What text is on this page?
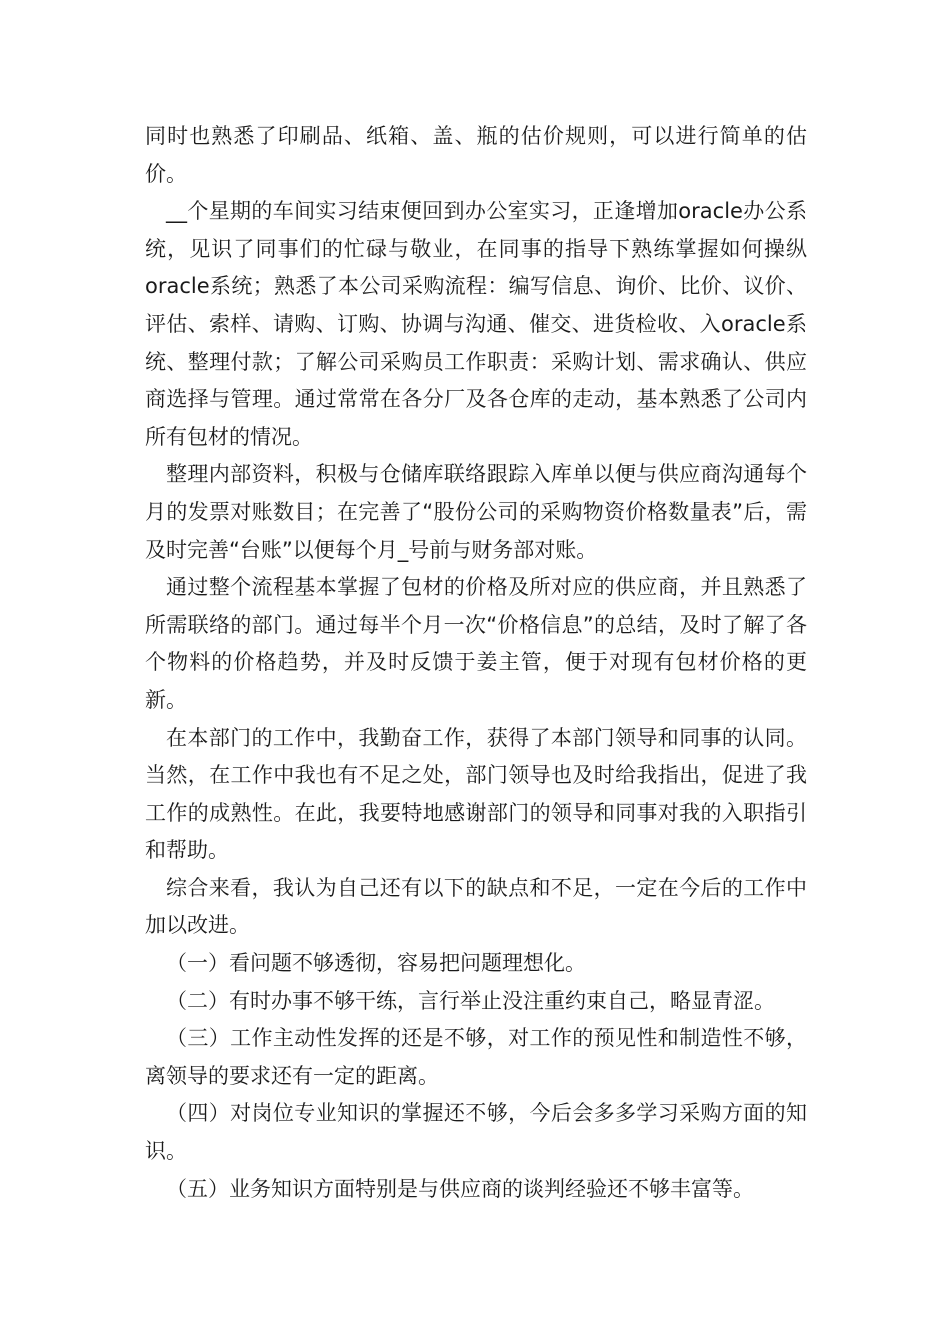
同时也熟悉了印刷品、纸箱、盖、瓶的估价规则，可以进行简单的估价。

__个星期的车间实习结束便回到办公室实习，正逢增加oracle办公系统，见识了同事们的忙碌与敬业，在同事的指导下熟练掌握如何操纵oracle系统；熟悉了本公司采购流程：编写信息、询价、比价、议价、评估、索样、请购、订购、协调与沟通、催交、进货检收、入oracle系统、整理付款；了解公司采购员工作职责：采购计划、需求确认、供应商选择与管理。通过常常在各分厂及各仓库的走动，基本熟悉了公司内所有包材的情况。

整理内部资料，积极与仓储库联络跟踪入库单以便与供应商沟通每个月的发票对账数目；在完善了“股份公司的采购物资价格数量表”后，需及时完善“台账”以便每个月_号前与财务部对账。

通过整个流程基本掌握了包材的价格及所对应的供应商，并且熟悉了所需联络的部门。通过每半个月一次“价格信息”的总结，及时了解了各个物料的价格趋势，并及时反馈于姜主管，便于对现有包材价格的更新。

在本部门的工作中，我勤奋工作，获得了本部门领导和同事的认同。当然，在工作中我也有不足之处，部门领导也及时给我指出，促进了我工作的成熟性。在此，我要特地感谢部门的领导和同事对我的入职指引和帮助。

综合来看，我认为自己还有以下的缺点和不足，一定在今后的工作中加以改进。

（一）看问题不够透彻，容易把问题理想化。

（二）有时办事不够干练，言行举止没注重约束自己，略显青涩。

（三）工作主动性发挥的还是不够，对工作的预见性和制造性不够，离领导的要求还有一定的距离。

（四）对岗位专业知识的掌握还不够，今后会多多学习采购方面的知识。

（五）业务知识方面特别是与供应商的谈判经验还不够丰富等。
